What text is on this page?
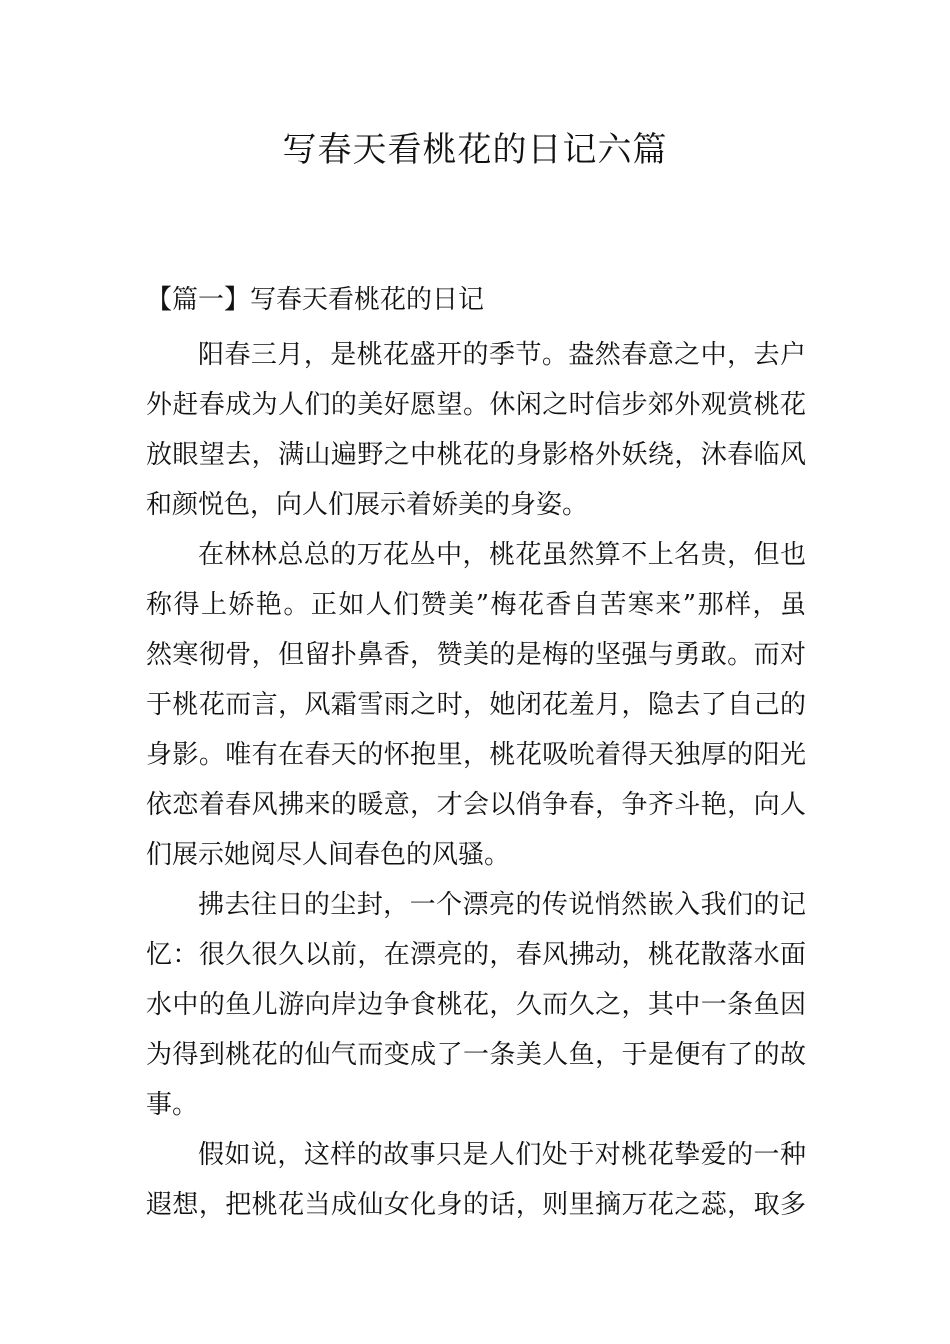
写春天看桃花的日记六篇
【篇一】写春天看桃花的日记
阳春三月，是桃花盛开的季节。盎然春意之中，去户
外赶春成为人们的美好愿望。休闲之时信步郊外观赏桃花
放眼望去，满山遍野之中桃花的身影格外妖绕，沐春临风
和颜悦色，向人们展示着娇美的身姿。
在林林总总的万花丛中，桃花虽然算不上名贵，但也
称得上娇艳。正如人们赞美”梅花香自苦寒来”那样，虽
然寒彻骨，但留扑鼻香，赞美的是梅的坚强与勇敢。而对
于桃花而言，风霜雪雨之时，她闭花羞月，隐去了自己的
身影。唯有在春天的怀抱里，桃花吸吮着得天独厚的阳光
依恋着春风拂来的暖意，才会以俏争春，争齐斗艳，向人
们展示她阅尽人间春色的风骚。
拂去往日的尘封，一个漂亮的传说悄然嵌入我们的记
忆：很久很久以前，在漂亮的，春风拂动，桃花散落水面
水中的鱼儿游向岸边争食桃花，久而久之，其中一条鱼因
为得到桃花的仙气而变成了一条美人鱼，于是便有了的故
事。
假如说，这样的故事只是人们处于对桃花挚爱的一种
遐想，把桃花当成仙女化身的话，则里摘万花之蕊，取多
